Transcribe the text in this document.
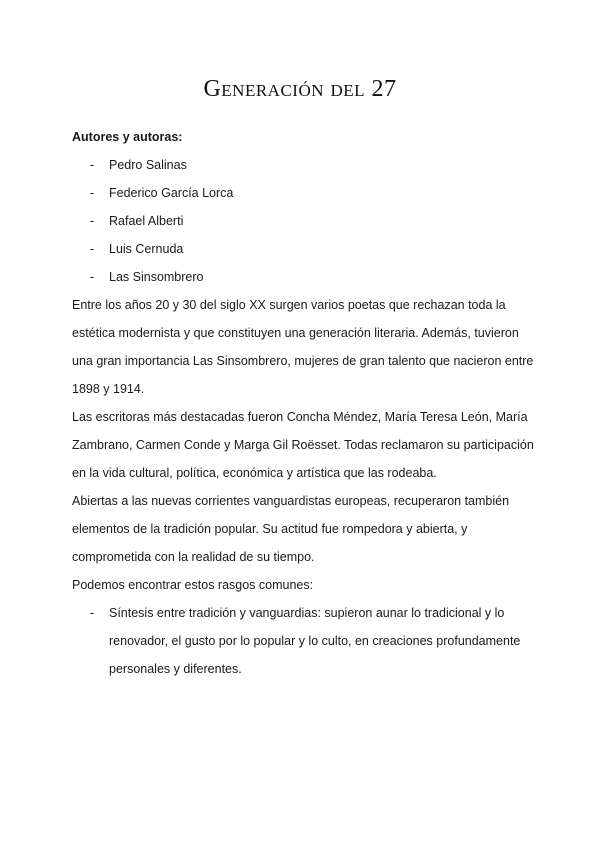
Generación del 27

Autores y autoras:

- Pedro Salinas
- Federico García Lorca
- Rafael Alberti
- Luis Cernuda
- Las Sinsombrero

Entre los años 20 y 30 del siglo XX surgen varios poetas que rechazan toda la estética modernista y que constituyen una generación literaria. Además, tuvieron una gran importancia Las Sinsombrero, mujeres de gran talento que nacieron entre 1898 y 1914.

Las escritoras más destacadas fueron Concha Méndez, María Teresa León, María Zambrano, Carmen Conde y Marga Gil Roësset. Todas reclamaron su participación en la vida cultural, política, económica y artística que las rodeaba.

Abiertas a las nuevas corrientes vanguardistas europeas, recuperaron también elementos de la tradición popular. Su actitud fue rompedora y abierta, y comprometida con la realidad de su tiempo.

Podemos encontrar estos rasgos comunes:

- Síntesis entre tradición y vanguardias: supieron aunar lo tradicional y lo renovador, el gusto por lo popular y lo culto, en creaciones profundamente personales y diferentes.
